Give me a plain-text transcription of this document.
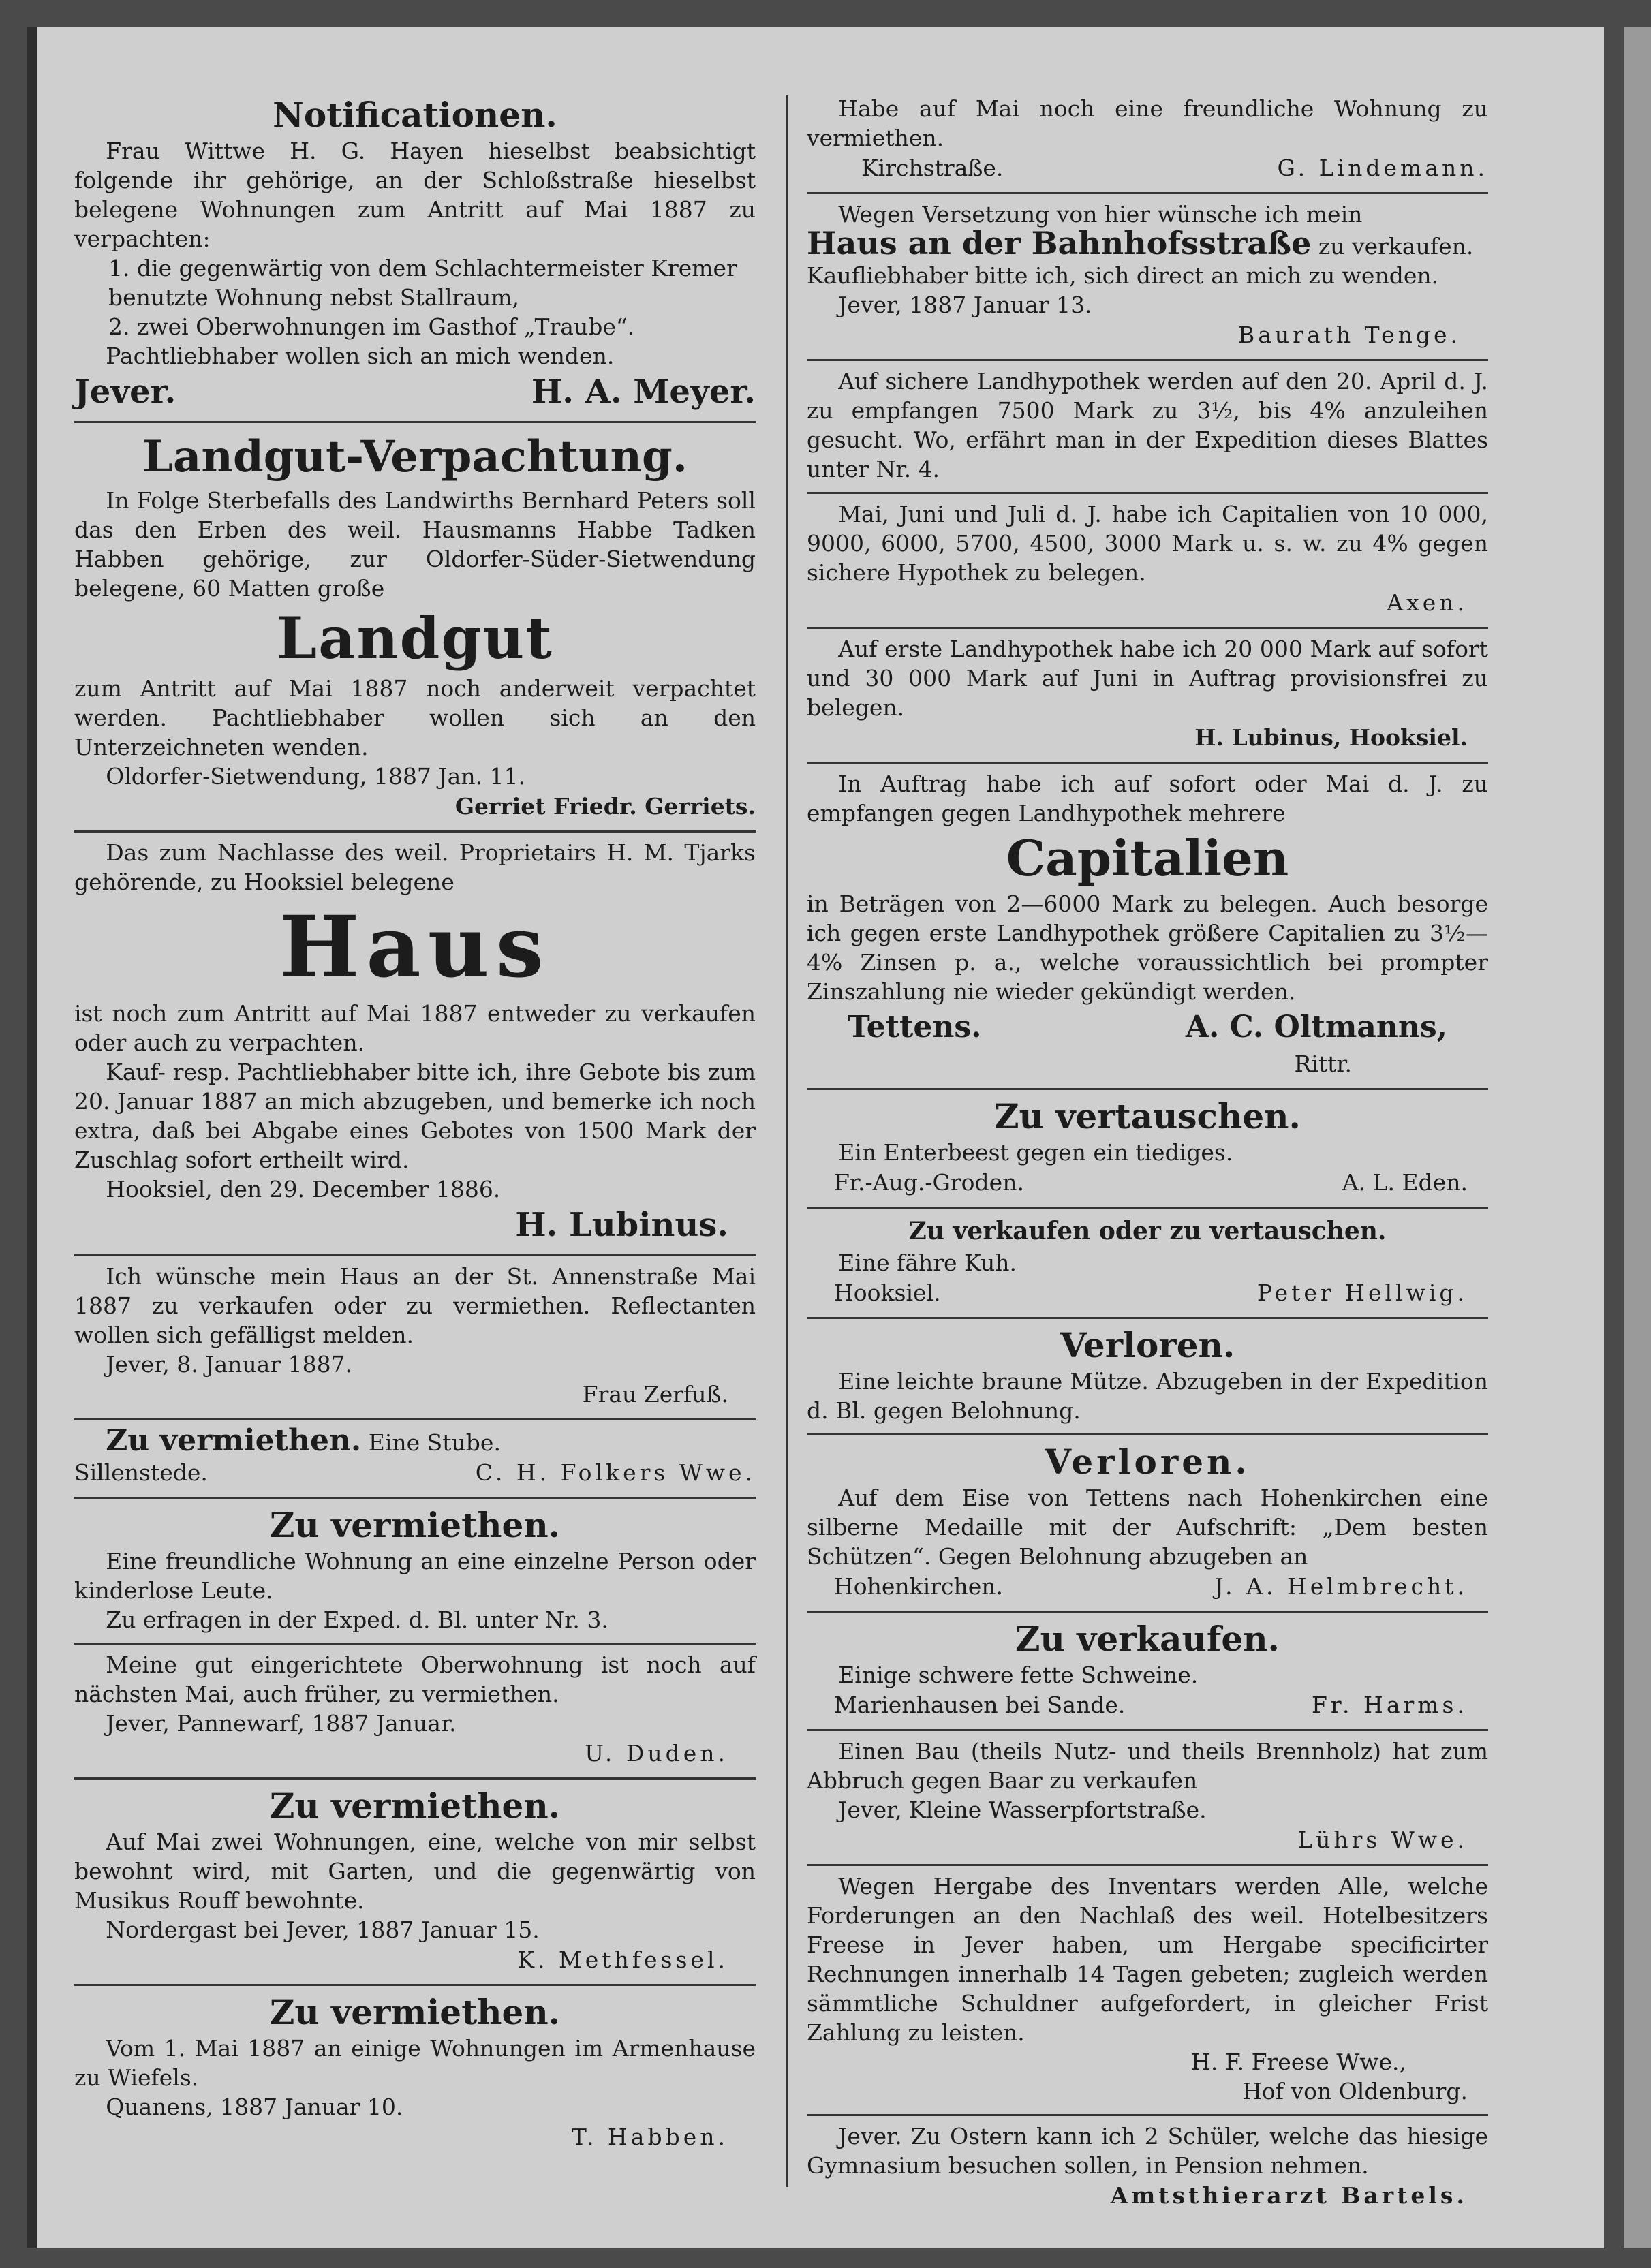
Notificationen.

Frau Wittwe H. G. Hayen hieselbst beabsichtigt folgende ihr gehörige, an der Schloßstraße hieselbst belegene Wohnungen zum Antritt auf Mai 1887 zu verpachten:

1. die gegenwärtig von dem Schlachtermeister Kremer benutzte Wohnung nebst Stallraum,
2. zwei Oberwohnungen im Gasthof „Traube“.

Pachtliebhaber wollen sich an mich wenden.

Jever.	H. A. Meyer.
Landgut-Verpachtung.

In Folge Sterbefalls des Landwirths Bernhard Peters soll das den Erben des weil. Hausmanns Habbe Tadken Habben gehörige, zur Oldorfer-Süder-Sietwendung belegene, 60 Matten große

Landgut

zum Antritt auf Mai 1887 noch anderweit verpachtet werden. Pachtliebhaber wollen sich an den Unterzeichneten wenden.

Oldorfer-Sietwendung, 1887 Jan. 11.

Gerriet Friedr. Gerriets.

Das zum Nachlasse des weil. Proprietairs H. M. Tjarks gehörende, zu Hooksiel belegene

Haus

ist noch zum Antritt auf Mai 1887 entweder zu verkaufen oder auch zu verpachten.

Kauf- resp. Pachtliebhaber bitte ich, ihre Gebote bis zum 20. Januar 1887 an mich abzugeben, und bemerke ich noch extra, daß bei Abgabe eines Gebotes von 1500 Mark der Zuschlag sofort ertheilt wird.

Hooksiel, den 29. December 1886.

H. Lubinus.

Ich wünsche mein Haus an der St. Annenstraße Mai 1887 zu verkaufen oder zu vermiethen. Reflectanten wollen sich gefälligst melden.

Jever, 8. Januar 1887.

Frau Zerfuß.

Zu vermiethen. Eine Stube.

Sillenstede.	C. H. Folkers Wwe.
Zu vermiethen.

Eine freundliche Wohnung an eine einzelne Person oder kinderlose Leute.

Zu erfragen in der Exped. d. Bl. unter Nr. 3.

Meine gut eingerichtete Oberwohnung ist noch auf nächsten Mai, auch früher, zu vermiethen.

Jever, Pannewarf, 1887 Januar.

U. Duden.
Zu vermiethen.

Auf Mai zwei Wohnungen, eine, welche von mir selbst bewohnt wird, mit Garten, und die gegenwärtig von Musikus Rouff bewohnte.

Nordergast bei Jever, 1887 Januar 15.

K. Methfessel.
Zu vermiethen.

Vom 1. Mai 1887 an einige Wohnungen im Armenhause zu Wiefels.

Quanens, 1887 Januar 10.

T. Habben.

Habe auf Mai noch eine freundliche Wohnung zu vermiethen.

Kirchstraße.	G. Lindemann.

Wegen Versetzung von hier wünsche ich mein

Haus an der Bahnhofsstraße zu verkaufen.

Kaufliebhaber bitte ich, sich direct an mich zu wenden.

Jever, 1887 Januar 13.

Baurath Tenge.

Auf sichere Landhypothek werden auf den 20. April d. J. zu empfangen 7500 Mark zu 3½, bis 4% anzuleihen gesucht. Wo, erfährt man in der Expedition dieses Blattes unter Nr. 4.

Mai, Juni und Juli d. J. habe ich Capitalien von 10 000, 9000, 6000, 5700, 4500, 3000 Mark u. s. w. zu 4% gegen sichere Hypothek zu belegen.

Axen.

Auf erste Landhypothek habe ich 20 000 Mark auf sofort und 30 000 Mark auf Juni in Auftrag provisionsfrei zu belegen.

H. Lubinus, Hooksiel.

In Auftrag habe ich auf sofort oder Mai d. J. zu empfangen gegen Landhypothek mehrere

Capitalien

in Beträgen von 2—6000 Mark zu belegen. Auch besorge ich gegen erste Landhypothek größere Capitalien zu 3½—4% Zinsen p. a., welche voraussichtlich bei prompter Zinszahlung nie wieder gekündigt werden.

Tettens.	A. C. Oltmanns,
Rittr.
Zu vertauschen.

Ein Enterbeest gegen ein tiediges.

Fr.-Aug.-Groden.	A. L. Eden.
Zu verkaufen oder zu vertauschen.

Eine fähre Kuh.

Hooksiel.	Peter Hellwig.
Verloren.

Eine leichte braune Mütze. Abzugeben in der Expedition d. Bl. gegen Belohnung.

Verloren.

Auf dem Eise von Tettens nach Hohenkirchen eine silberne Medaille mit der Aufschrift: „Dem besten Schützen“. Gegen Belohnung abzugeben an

Hohenkirchen.	J. A. Helmbrecht.
Zu verkaufen.

Einige schwere fette Schweine.

Marienhausen bei Sande.	Fr. Harms.

Einen Bau (theils Nutz- und theils Brennholz) hat zum Abbruch gegen Baar zu verkaufen

Jever, Kleine Wasserpfortstraße.

Lührs Wwe.

Wegen Hergabe des Inventars werden Alle, welche Forderungen an den Nachlaß des weil. Hotelbesitzers Freese in Jever haben, um Hergabe specificirter Rechnungen innerhalb 14 Tagen gebeten; zugleich werden sämmtliche Schuldner aufgefordert, in gleicher Frist Zahlung zu leisten.

H. F. Freese Wwe.,
Hof von Oldenburg.

Jever. Zu Ostern kann ich 2 Schüler, welche das hiesige Gymnasium besuchen sollen, in Pension nehmen.

Amtsthierarzt Bartels.
